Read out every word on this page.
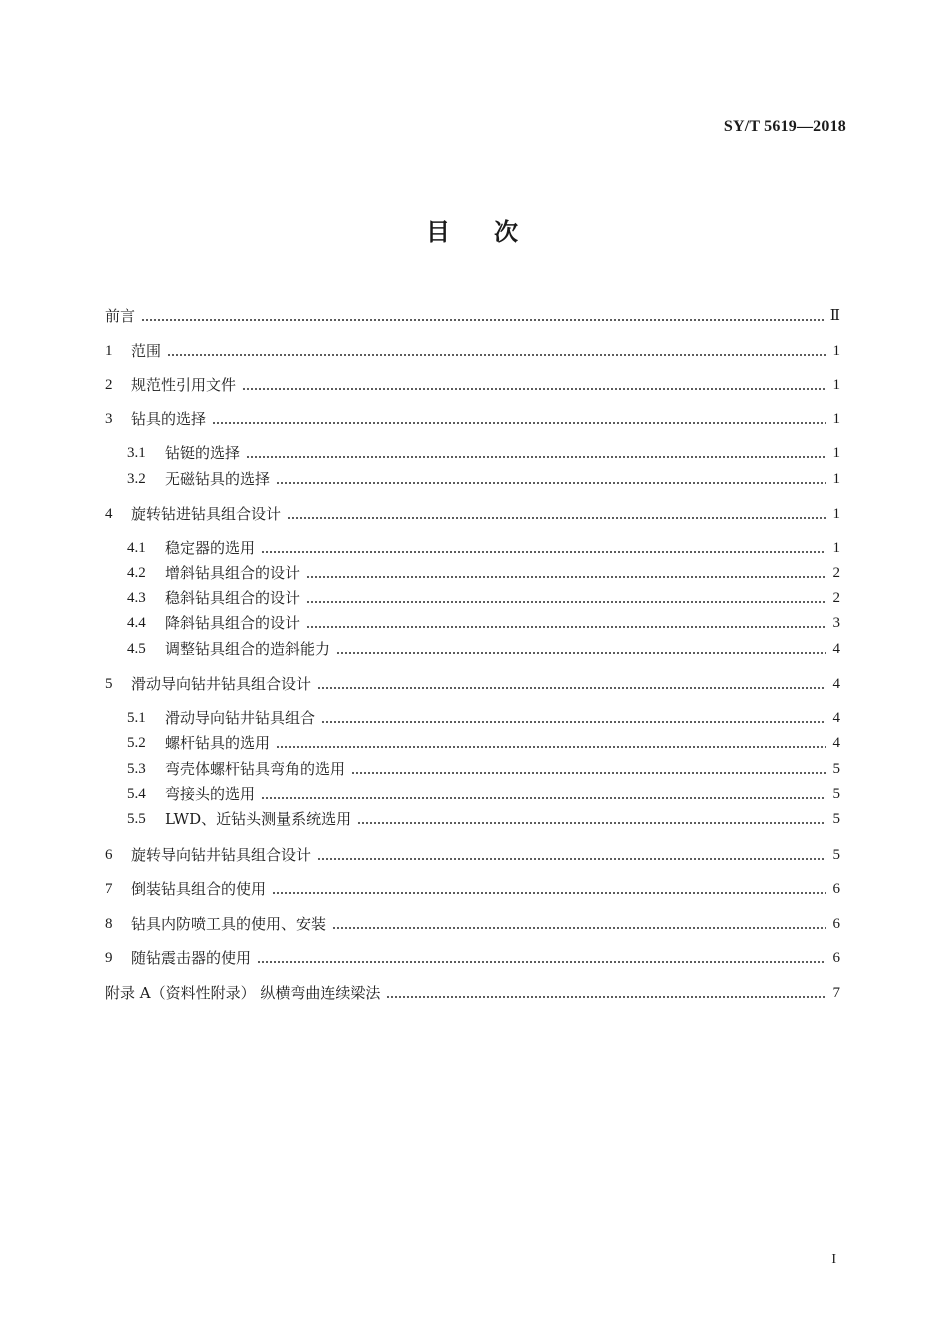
SY/T 5619—2018
目次
前言	Ⅱ
1	范围	1
2	规范性引用文件	1
3	钻具的选择	1
3.1	钻铤的选择	1
3.2	无磁钻具的选择	1
4	旋转钻进钻具组合设计	1
4.1	稳定器的选用	1
4.2	增斜钻具组合的设计	2
4.3	稳斜钻具组合的设计	2
4.4	降斜钻具组合的设计	3
4.5	调整钻具组合的造斜能力	4
5	滑动导向钻井钻具组合设计	4
5.1	滑动导向钻井钻具组合	4
5.2	螺杆钻具的选用	4
5.3	弯壳体螺杆钻具弯角的选用	5
5.4	弯接头的选用	5
5.5	LWD、近钻头测量系统选用	5
6	旋转导向钻井钻具组合设计	5
7	倒装钻具组合的使用	6
8	钻具内防喷工具的使用、安装	6
9	随钻震击器的使用	6
附录 A（资料性附录） 纵横弯曲连续梁法	7
I
